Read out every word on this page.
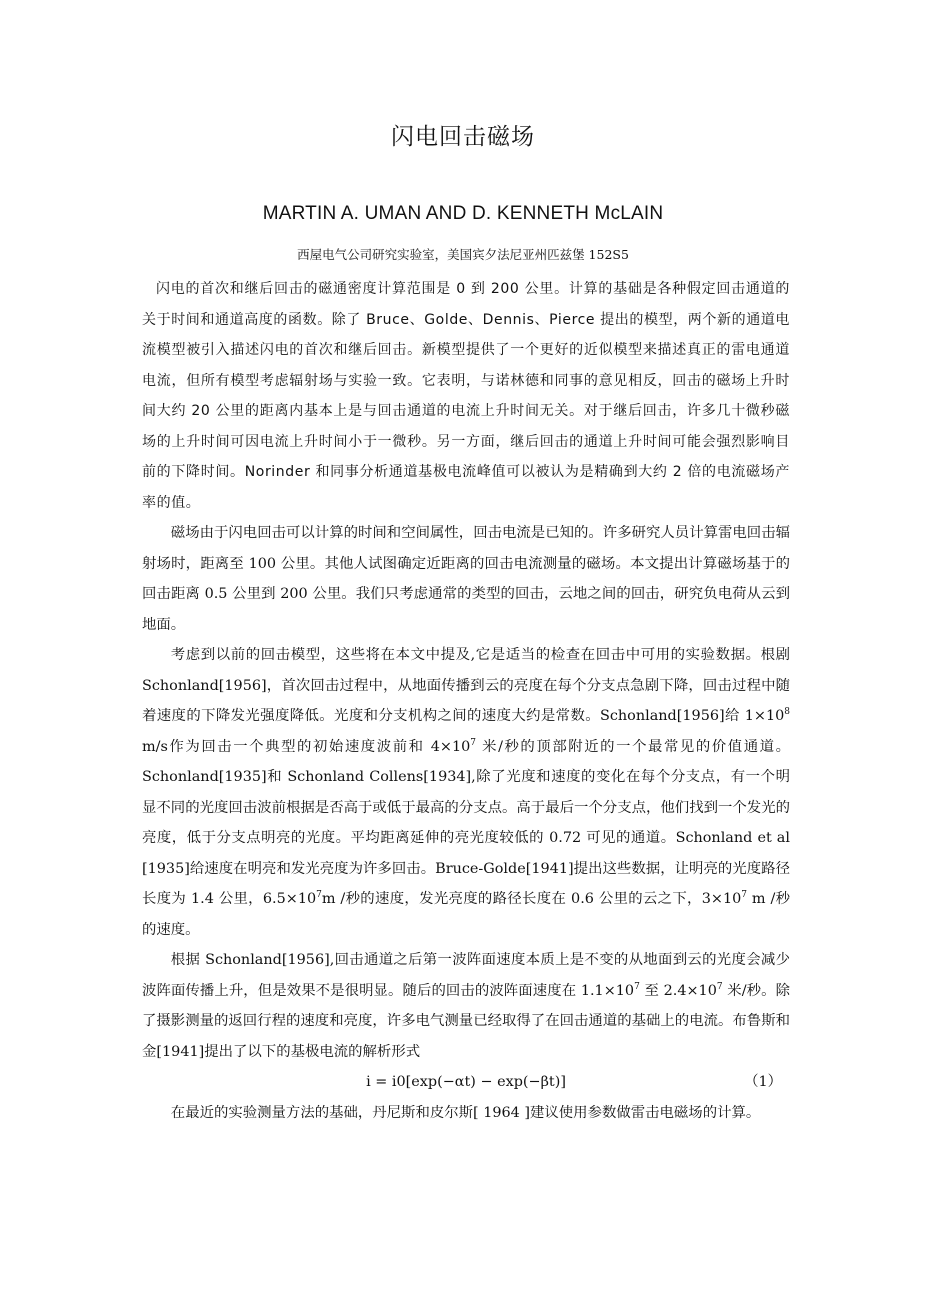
闪电回击磁场
MARTIN A. UMAN AND D. KENNETH McLAIN
西屋电气公司研究实验室，美国宾夕法尼亚州匹兹堡 152S5

闪电的首次和继后回击的磁通密度计算范围是 0 到 200 公里。计算的基础是各种假定回击通道的关于时间和通道高度的函数。除了 Bruce、Golde、Dennis、Pierce 提出的模型，两个新的通道电流模型被引入描述闪电的首次和继后回击。新模型提供了一个更好的近似模型来描述真正的雷电通道电流，但所有模型考虑辐射场与实验一致。它表明，与诺林德和同事的意见相反，回击的磁场上升时间大约 20 公里的距离内基本上是与回击通道的电流上升时间无关。对于继后回击，许多几十微秒磁场的上升时间可因电流上升时间小于一微秒。另一方面，继后回击的通道上升时间可能会强烈影响目前的下降时间。Norinder 和同事分析通道基极电流峰值可以被认为是精确到大约 2 倍的电流磁场产率的值。

磁场由于闪电回击可以计算的时间和空间属性，回击电流是已知的。许多研究人员计算雷电回击辐射场时，距离至 100 公里。其他人试图确定近距离的回击电流测量的磁场。本文提出计算磁场基于的回击距离 0.5 公里到 200 公里。我们只考虑通常的类型的回击，云地之间的回击，研究负电荷从云到地面。

考虑到以前的回击模型，这些将在本文中提及,它是适当的检查在回击中可用的实验数据。根剧 Schonland[1956]，首次回击过程中，从地面传播到云的亮度在每个分支点急剧下降，回击过程中随着速度的下降发光强度降低。光度和分支机构之间的速度大约是常数。Schonland[1956]给 $1\times 10^8$ m/s作为回击一个典型的初始速度波前和 $4\times 10^7$ 米/秒的顶部附近的一个最常见的价值通道。Schonland[1935]和 Schonland Collens[1934],除了光度和速度的变化在每个分支点，有一个明显不同的光度回击波前根据是否高于或低于最高的分支点。高于最后一个分支点，他们找到一个发光的亮度，低于分支点明亮的光度。平均距离延伸的亮光度较低的 0.72 可见的通道。Schonland et al [1935]给速度在明亮和发光亮度为许多回击。Bruce-Golde[1941]提出这些数据，让明亮的光度路径长度为 1.4 公里，$6.5\times 10^7m$ /秒的速度，发光亮度的路径长度在 0.6 公里的云之下，$3\times 10^7$ m /秒的速度。

根据 Schonland[1956],回击通道之后第一波阵面速度本质上是不变的从地面到云的光度会减少波阵面传播上升，但是效果不是很明显。随后的回击的波阵面速度在 $1.1\times 10^7$ 至 $2.4\times 10^7$ 米/秒。除了摄影测量的返回行程的速度和亮度，许多电气测量已经取得了在回击通道的基础上的电流。布鲁斯和金[1941]提出了以下的基极电流的解析形式

i = i0[exp(−αt) − exp(−βt)]	（1）

在最近的实验测量方法的基础，丹尼斯和皮尔斯[ 1964 ]建议使用参数做雷击电磁场的计算。
